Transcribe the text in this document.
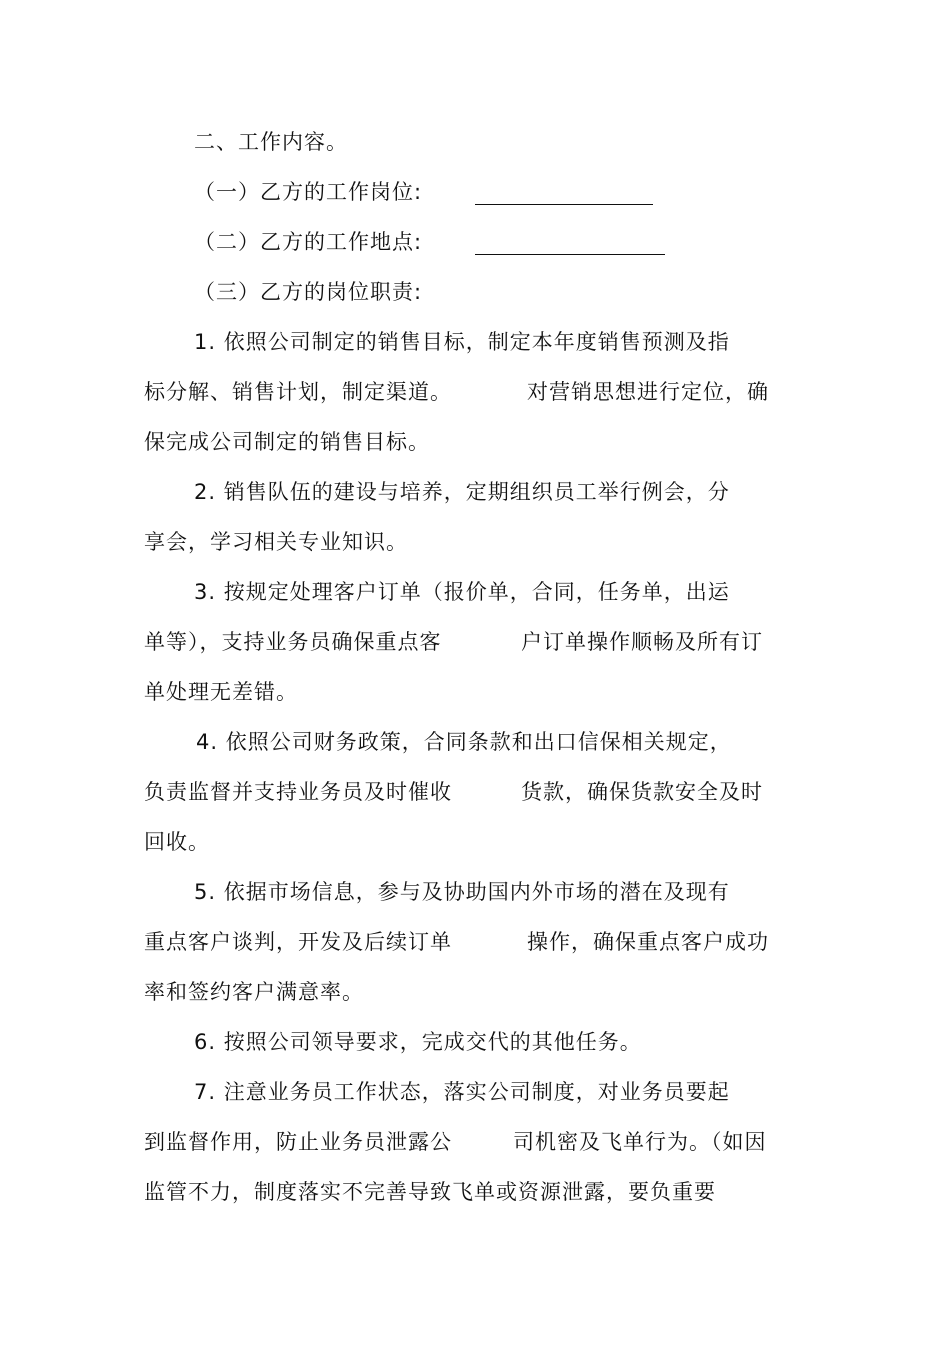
二、工作内容。
（一）乙方的工作岗位:
（二）乙方的工作地点:
（三）乙方的岗位职责:
1. 依照公司制定的销售目标，制定本年度销售预测及指
标分解、销售计划，制定渠道。	对营销思想进行定位，确
保完成公司制定的销售目标。
2. 销售队伍的建设与培养，定期组织员工举行例会，分
享会，学习相关专业知识。
3. 按规定处理客户订单（报价单，合同，任务单，出运
单等），支持业务员确保重点客	户订单操作顺畅及所有订
单处理无差错。
4. 依照公司财务政策，合同条款和出口信保相关规定，
负责监督并支持业务员及时催收	货款，确保货款安全及时
回收。
5. 依据市场信息，参与及协助国内外市场的潜在及现有
重点客户谈判，开发及后续订单	操作，确保重点客户成功
率和签约客户满意率。
6. 按照公司领导要求，完成交代的其他任务。
7. 注意业务员工作状态，落实公司制度，对业务员要起
到监督作用，防止业务员泄露公	司机密及飞单行为。（如因
监管不力，制度落实不完善导致飞单或资源泄露，要负重要
